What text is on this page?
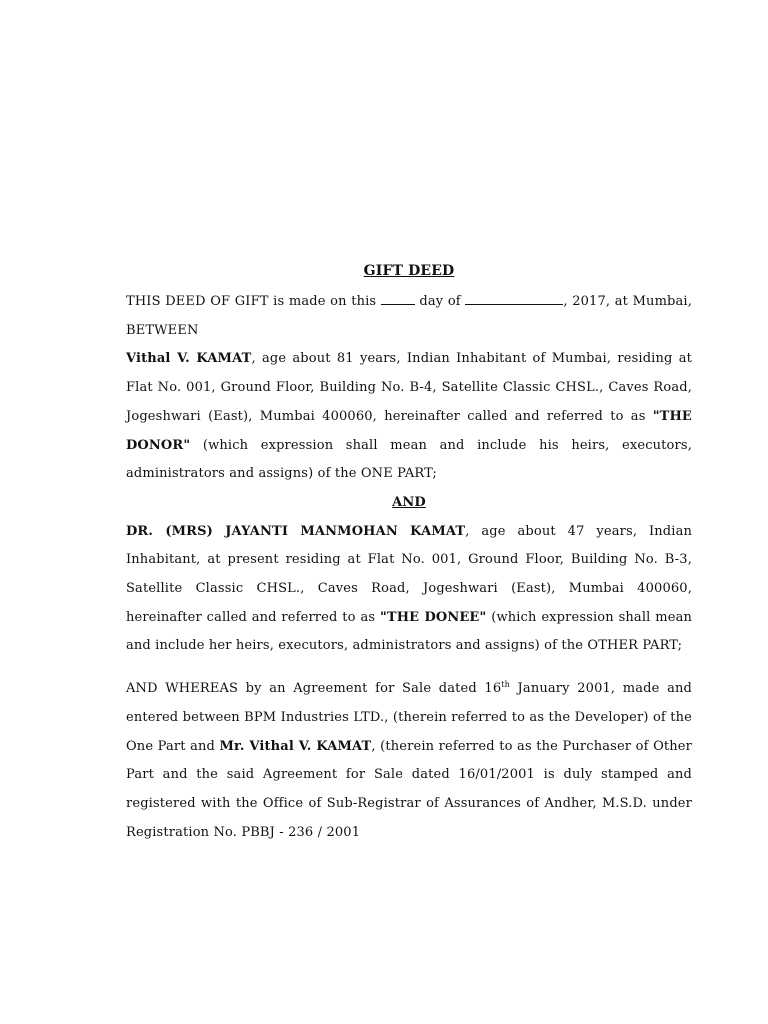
GIFT DEED

THIS DEED OF GIFT is made on this	day of	, 2017, at Mumbai, BETWEEN

Vithal V. KAMAT, age about 81 years, Indian Inhabitant of Mumbai, residing at Flat No. 001, Ground Floor, Building No. B-4, Satellite Classic CHSL., Caves Road, Jogeshwari (East), Mumbai 400060, hereinafter called and referred to as "THE DONOR" (which expression shall mean and include his heirs, executors, administrators and assigns) of the ONE PART;

AND

DR. (MRS) JAYANTI MANMOHAN KAMAT, age about 47 years, Indian Inhabitant, at present residing at Flat No. 001, Ground Floor, Building No. B-3, Satellite Classic CHSL., Caves Road, Jogeshwari (East), Mumbai 400060, hereinafter called and referred to as "THE DONEE" (which expression shall mean and include her heirs, executors, administrators and assigns) of the OTHER PART;

AND WHEREAS by an Agreement for Sale dated 16th January 2001, made and entered between BPM Industries LTD., (therein referred to as the Developer) of the One Part and Mr. Vithal V. KAMAT, (therein referred to as the Purchaser of Other Part and the said Agreement for Sale dated 16/01/2001 is duly stamped and registered with the Office of Sub-Registrar of Assurances of Andher, M.S.D. under Registration No. PBBJ - 236 / 2001
